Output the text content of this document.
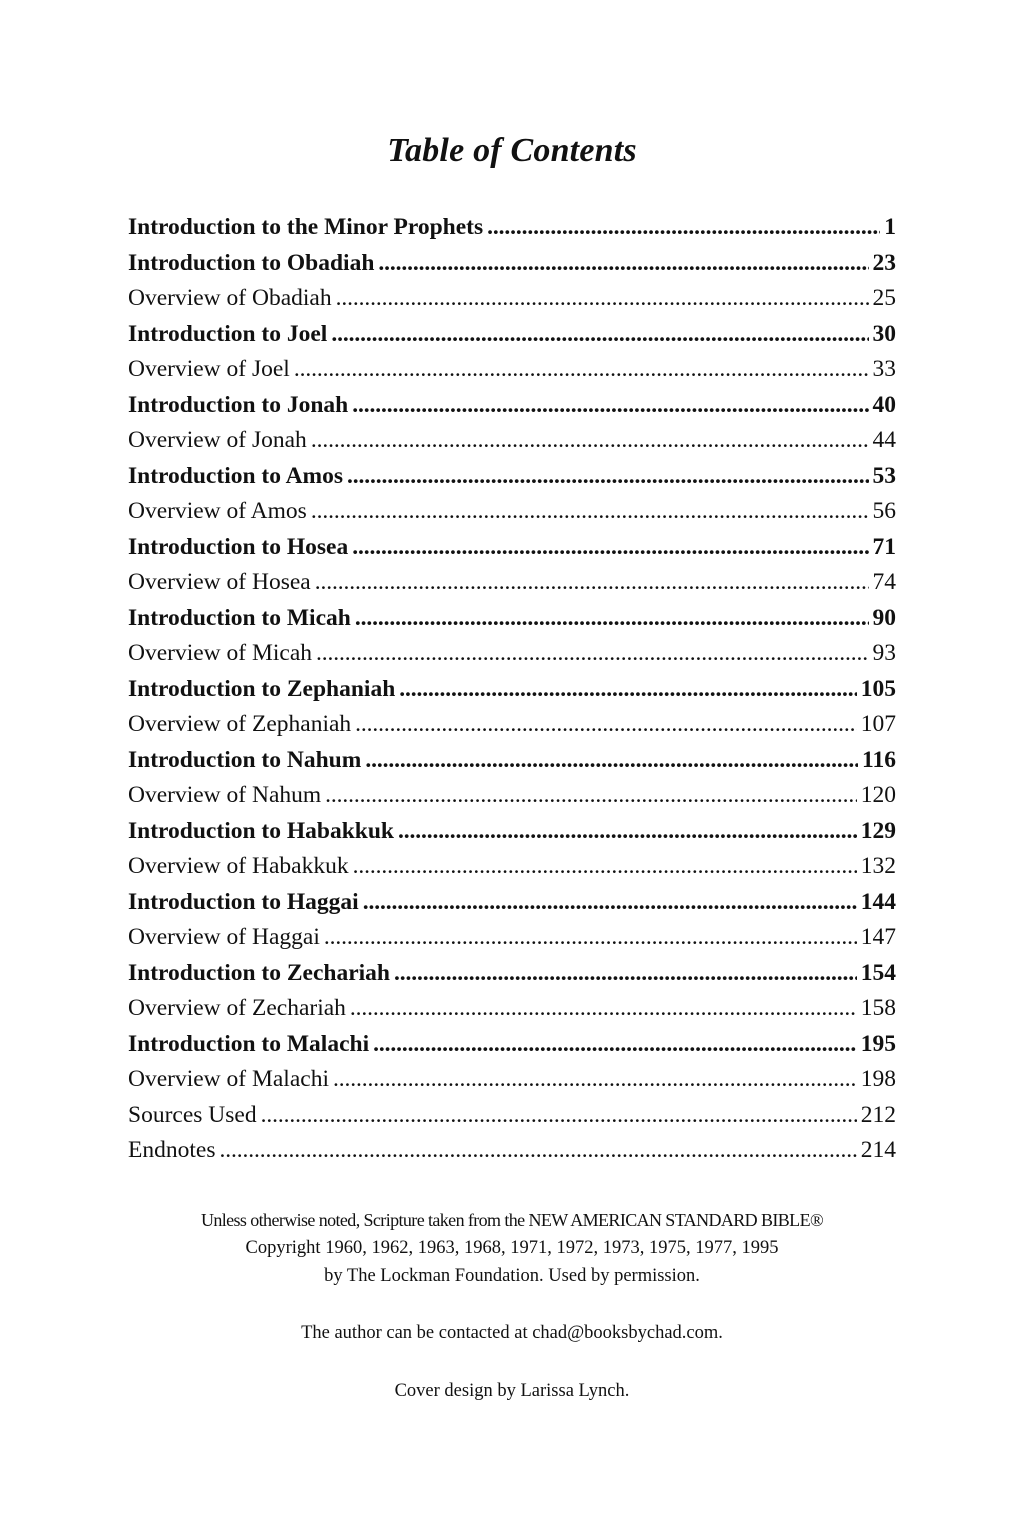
Table of Contents
Introduction to the Minor Prophets . . .	1
Introduction to Obadiah . . .	23
Overview of Obadiah . . .	25
Introduction to Joel . . .	30
Overview of Joel . . .	33
Introduction to Jonah . . .	40
Overview of Jonah . . .	44
Introduction to Amos . . .	53
Overview of Amos . . .	56
Introduction to Hosea . . .	71
Overview of Hosea . . .	74
Introduction to Micah . . .	90
Overview of Micah . . .	93
Introduction to Zephaniah . . .	105
Overview of Zephaniah . . .	107
Introduction to Nahum . . .	116
Overview of Nahum . . .	120
Introduction to Habakkuk . . .	129
Overview of Habakkuk . . .	132
Introduction to Haggai . . .	144
Overview of Haggai . . .	147
Introduction to Zechariah . . .	154
Overview of Zechariah . . .	158
Introduction to Malachi . . .	195
Overview of Malachi . . .	198
Sources Used . . .	212
Endnotes . . .	214
Unless otherwise noted, Scripture taken from the NEW AMERICAN STANDARD BIBLE®
Copyright 1960, 1962, 1963, 1968, 1971, 1972, 1973, 1975, 1977, 1995
by The Lockman Foundation. Used by permission.
The author can be contacted at chad@booksbychad.com.
Cover design by Larissa Lynch.
